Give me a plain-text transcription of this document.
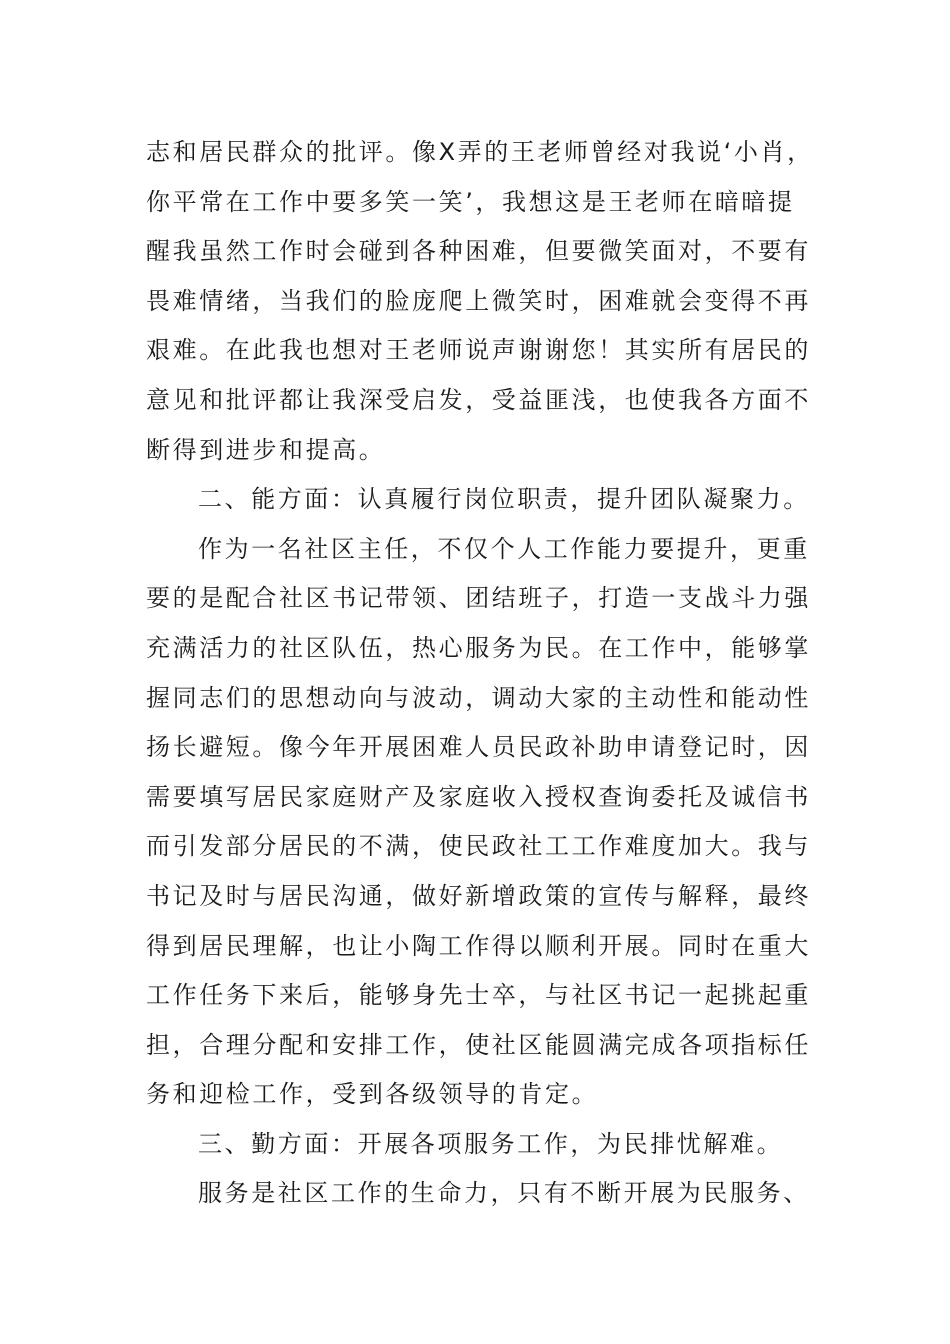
志和居民群众的批评。像X弄的王老师曾经对我说‘小肖，
你平常在工作中要多笑一笑’，我想这是王老师在暗暗提
醒我虽然工作时会碰到各种困难，但要微笑面对，不要有
畏难情绪，当我们的脸庞爬上微笑时，困难就会变得不再
艰难。在此我也想对王老师说声谢谢您！其实所有居民的
意见和批评都让我深受启发，受益匪浅，也使我各方面不
断得到进步和提高。
二、能方面：认真履行岗位职责，提升团队凝聚力。
作为一名社区主任，不仅个人工作能力要提升，更重
要的是配合社区书记带领、团结班子，打造一支战斗力强
充满活力的社区队伍，热心服务为民。在工作中，能够掌
握同志们的思想动向与波动，调动大家的主动性和能动性
扬长避短。像今年开展困难人员民政补助申请登记时，因
需要填写居民家庭财产及家庭收入授权查询委托及诚信书
而引发部分居民的不满，使民政社工工作难度加大。我与
书记及时与居民沟通，做好新增政策的宣传与解释，最终
得到居民理解，也让小陶工作得以顺利开展。同时在重大
工作任务下来后，能够身先士卒，与社区书记一起挑起重
担，合理分配和安排工作，使社区能圆满完成各项指标任
务和迎检工作，受到各级领导的肯定。
三、勤方面：开展各项服务工作，为民排忧解难。
服务是社区工作的生命力，只有不断开展为民服务、
